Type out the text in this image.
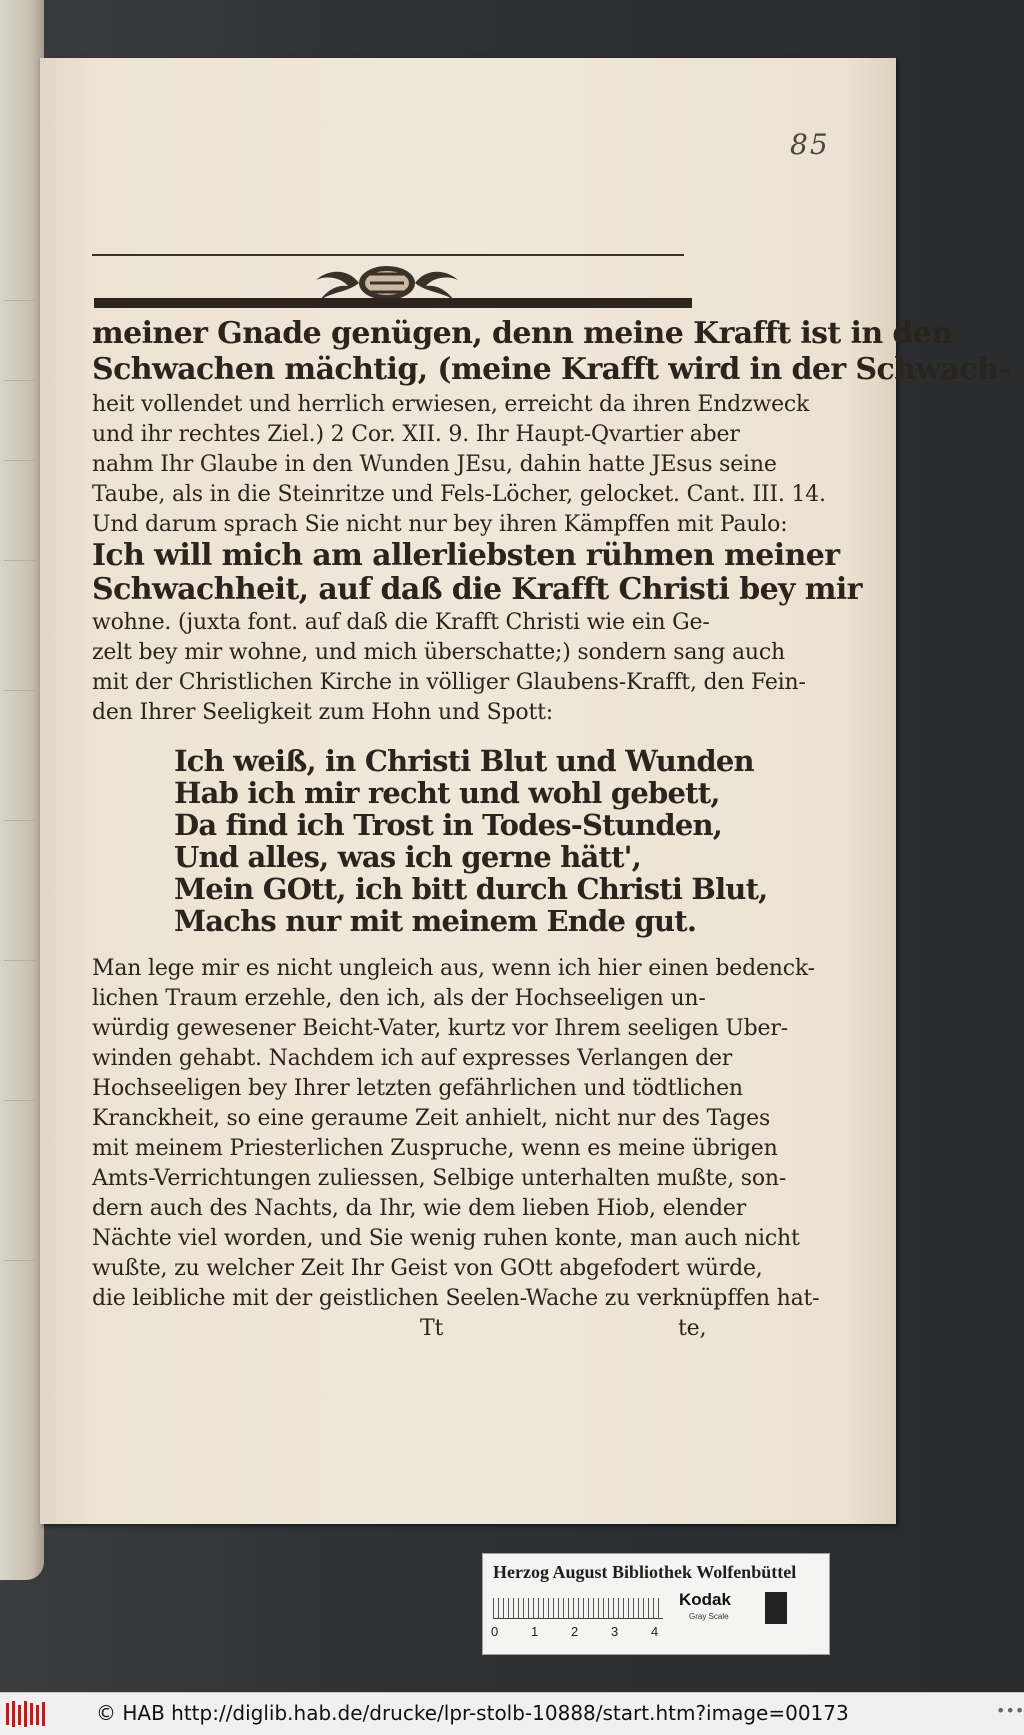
85
meiner Gnade genügen, denn meine Krafft ist in den
Schwachen mächtig, (meine Krafft wird in der Schwach-
heit vollendet und herrlich erwiesen, erreicht da ihren Endzweck
und ihr rechtes Ziel.) 2 Cor. XII. 9. Ihr Haupt-Qvartier aber
nahm Ihr Glaube in den Wunden JEsu, dahin hatte JEsus seine
Taube, als in die Steinritze und Fels-Löcher, gelocket. Cant. III. 14.
Und darum sprach Sie nicht nur bey ihren Kämpffen mit Paulo:
Ich will mich am allerliebsten rühmen meiner
Schwachheit, auf daß die Krafft Christi bey mir
wohne. (juxta font. auf daß die Krafft Christi wie ein Ge-
zelt bey mir wohne, und mich überschatte;) sondern sang auch
mit der Christlichen Kirche in völliger Glaubens-Krafft, den Fein-
den Ihrer Seeligkeit zum Hohn und Spott:
Ich weiß, in Christi Blut und Wunden
Hab ich mir recht und wohl gebett,
Da find ich Trost in Todes-Stunden,
Und alles, was ich gerne hätt',
Mein GOtt, ich bitt durch Christi Blut,
Machs nur mit meinem Ende gut.
Man lege mir es nicht ungleich aus, wenn ich hier einen bedenck-
lichen Traum erzehle, den ich, als der Hochseeligen un-
würdig gewesener Beicht-Vater, kurtz vor Ihrem seeligen Uber-
winden gehabt. Nachdem ich auf expresses Verlangen der
Hochseeligen bey Ihrer letzten gefährlichen und tödtlichen
Kranckheit, so eine geraume Zeit anhielt, nicht nur des Tages
mit meinem Priesterlichen Zuspruche, wenn es meine übrigen
Amts-Verrichtungen zuliessen, Selbige unterhalten mußte, son-
dern auch des Nachts, da Ihr, wie dem lieben Hiob, elender
Nächte viel worden, und Sie wenig ruhen konte, man auch nicht
wußte, zu welcher Zeit Ihr Geist von GOtt abgefodert würde,
die leibliche mit der geistlichen Seelen-Wache zu verknüpffen hat-
Tt	te,
Herzog August Bibliothek Wolfenbüttel
0	1	2	3	4
Kodak
Gray Scale
© HAB http://diglib.hab.de/drucke/lpr-stolb-10888/start.htm?image=00173	•••
